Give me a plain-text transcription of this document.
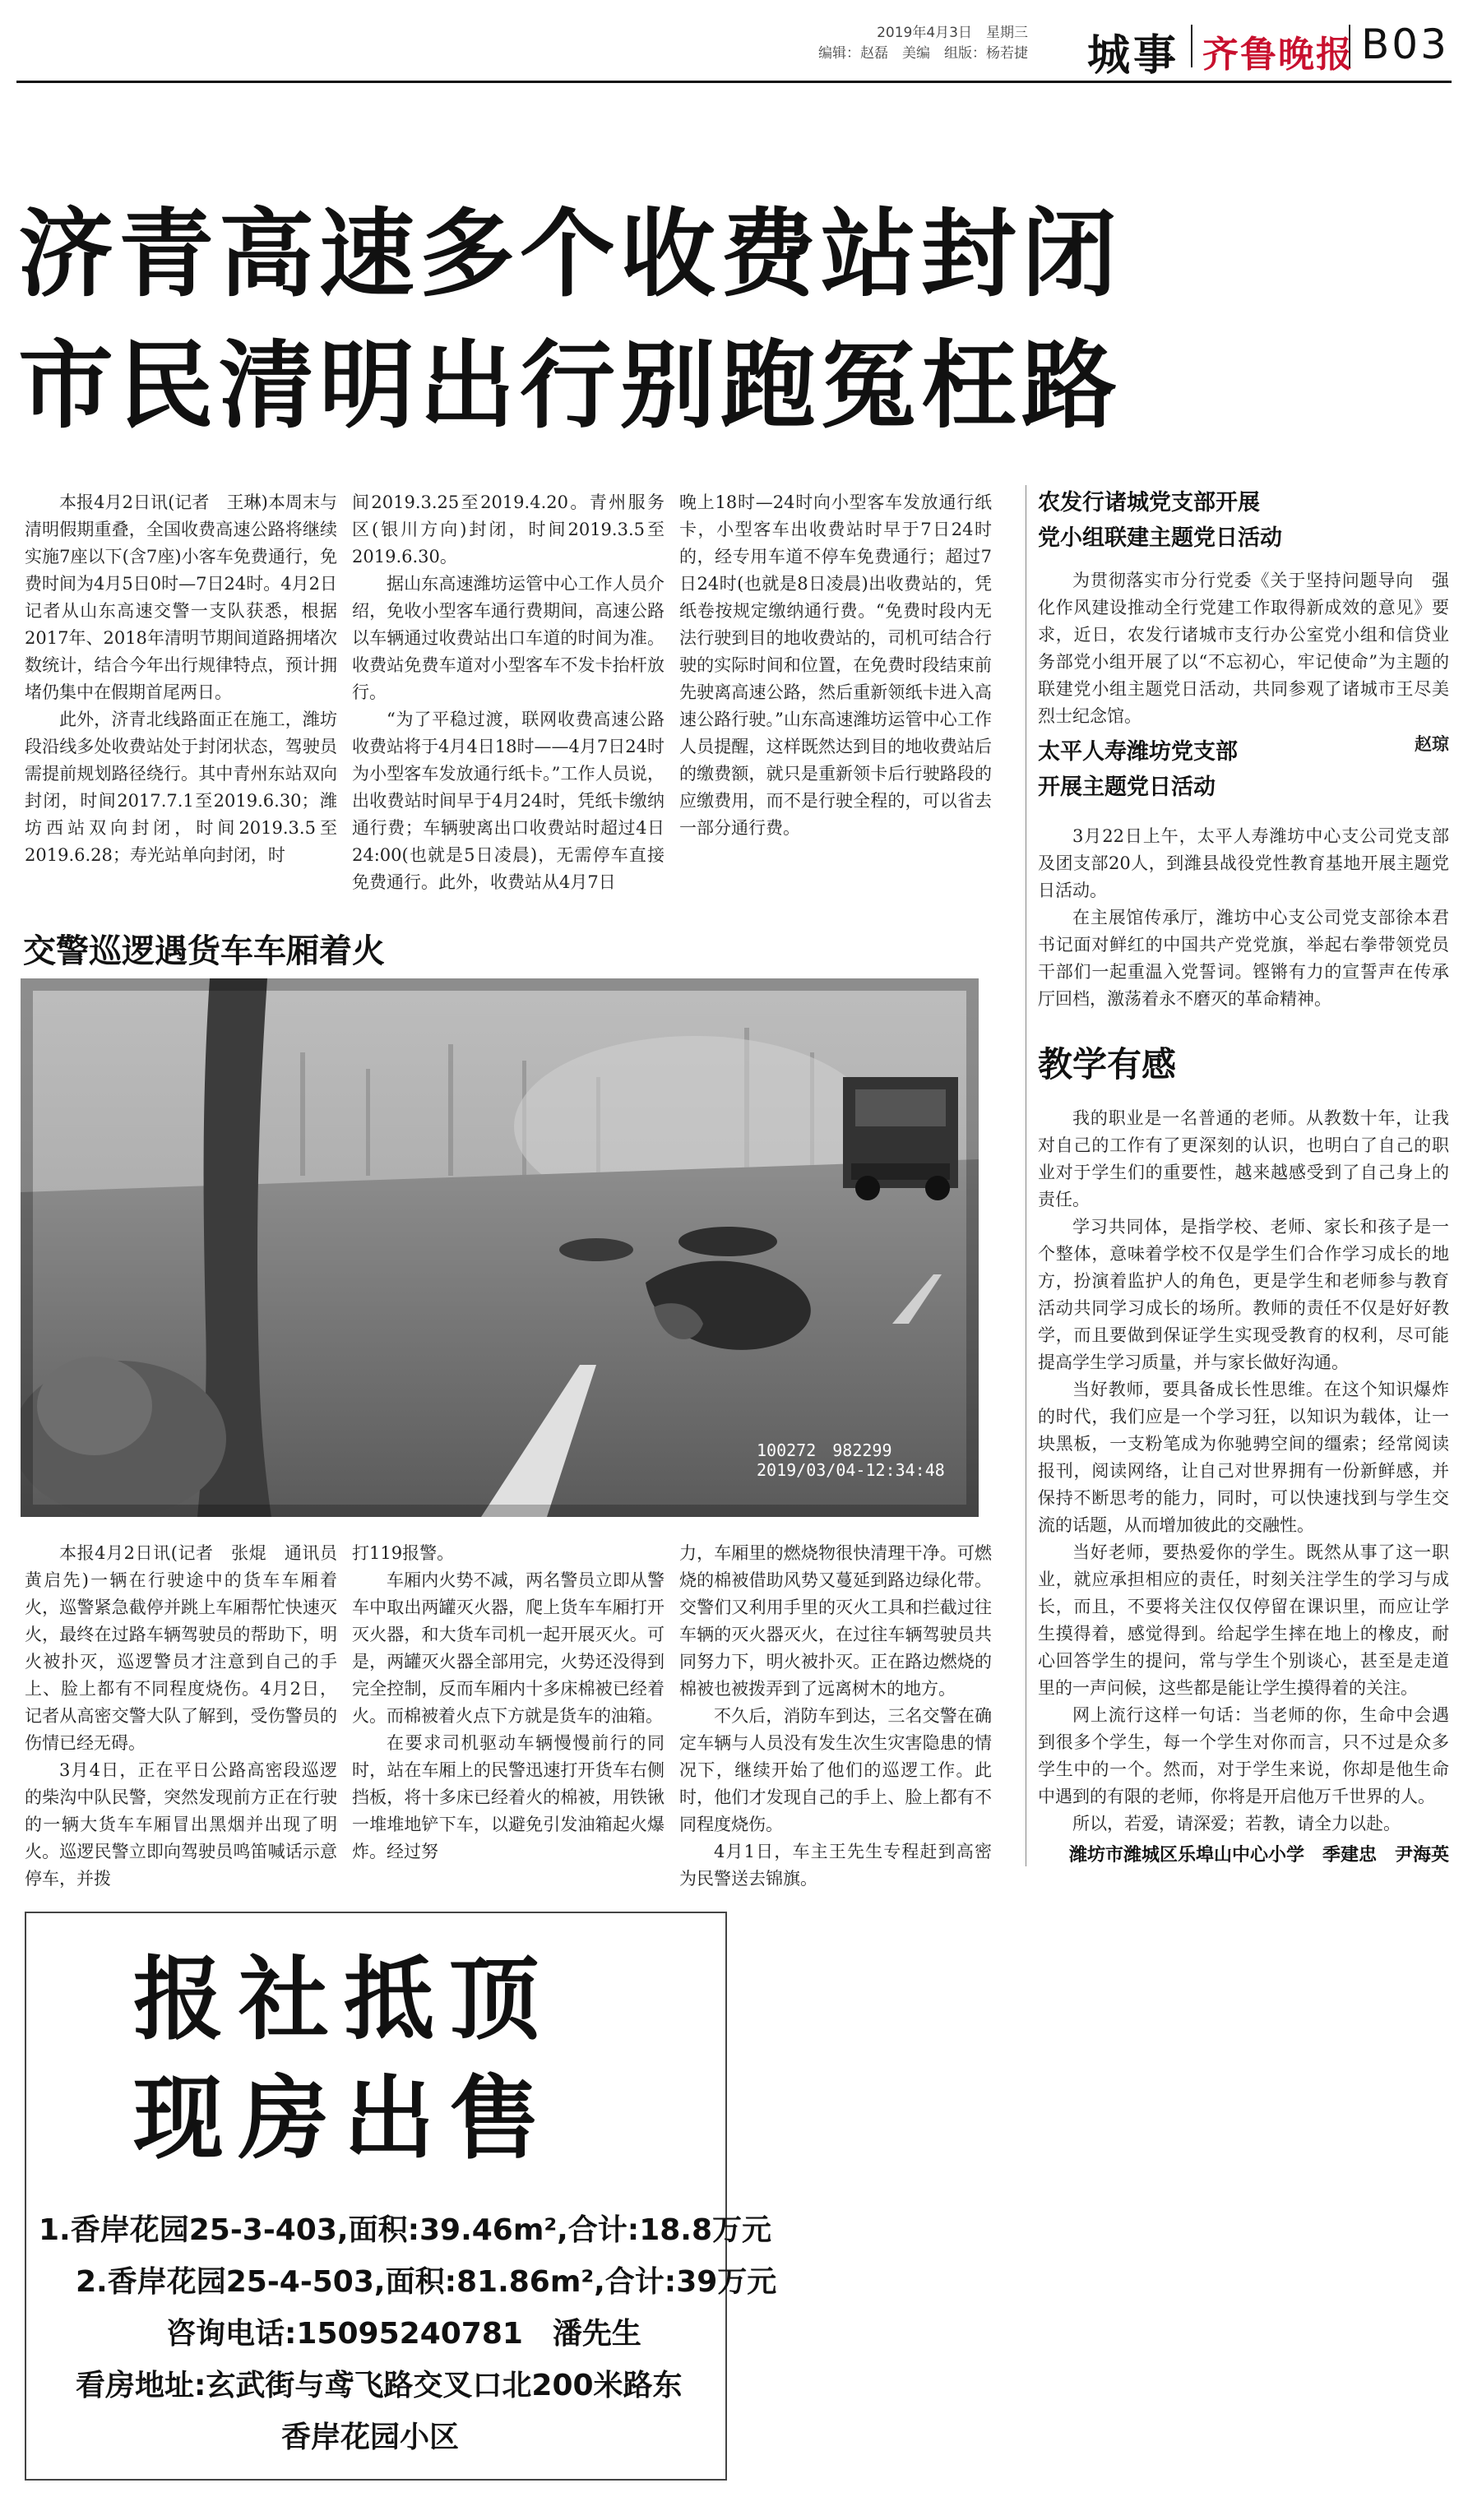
2019年4月3日　星期三
编辑：赵磊　美编　组版：杨若捷 城事 齐鲁晚报 B03
济青高速多个收费站封闭
市民清明出行别跑冤枉路

本报4月2日讯(记者　王琳)本周末与清明假期重叠，全国收费高速公路将继续实施7座以下(含7座)小客车免费通行，免费时间为4月5日0时—7日24时。4月2日记者从山东高速交警一支队获悉，根据2017年、2018年清明节期间道路拥堵次数统计，结合今年出行规律特点，预计拥堵仍集中在假期首尾两日。

此外，济青北线路面正在施工，潍坊段沿线多处收费站处于封闭状态，驾驶员需提前规划路径绕行。其中青州东站双向封闭，时间2017.7.1至2019.6.30；潍坊西站双向封闭，时间2019.3.5至2019.6.28；寿光站单向封闭，时

间2019.3.25至2019.4.20。青州服务区(银川方向)封闭，时间2019.3.5至2019.6.30。

据山东高速潍坊运管中心工作人员介绍，免收小型客车通行费期间，高速公路以车辆通过收费站出口车道的时间为准。收费站免费车道对小型客车不发卡抬杆放行。

“为了平稳过渡，联网收费高速公路收费站将于4月4日18时——4月7日24时为小型客车发放通行纸卡。”工作人员说，出收费站时间早于4月24时，凭纸卡缴纳通行费；车辆驶离出口收费站时超过4日24:00(也就是5日凌晨)，无需停车直接免费通行。此外，收费站从4月7日

晚上18时—24时向小型客车发放通行纸卡，小型客车出收费站时早于7日24时的，经专用车道不停车免费通行；超过7日24时(也就是8日凌晨)出收费站的，凭纸卷按规定缴纳通行费。“免费时段内无法行驶到目的地收费站的，司机可结合行驶的实际时间和位置，在免费时段结束前先驶离高速公路，然后重新领纸卡进入高速公路行驶。”山东高速潍坊运管中心工作人员提醒，这样既然达到目的地收费站后的缴费额，就只是重新领卡后行驶路段的应缴费用，而不是行驶全程的，可以省去一部分通行费。

农发行诸城党支部开展
党小组联建主题党日活动

为贯彻落实市分行党委《关于坚持问题导向　强化作风建设推动全行党建工作取得新成效的意见》要求，近日，农发行诸城市支行办公室党小组和信贷业务部党小组开展了以“不忘初心，牢记使命”为主题的联建党小组主题党日活动，共同参观了诸城市王尽美烈士纪念馆。

赵琼
太平人寿潍坊党支部
开展主题党日活动

3月22日上午，太平人寿潍坊中心支公司党支部及团支部20人，到潍县战役党性教育基地开展主题党日活动。

在主展馆传承厅，潍坊中心支公司党支部徐本君书记面对鲜红的中国共产党党旗，举起右拳带领党员干部们一起重温入党誓词。铿锵有力的宣誓声在传承厅回档，激荡着永不磨灭的革命精神。

教学有感

我的职业是一名普通的老师。从教数十年，让我对自己的工作有了更深刻的认识，也明白了自己的职业对于学生们的重要性，越来越感受到了自己身上的责任。

学习共同体，是指学校、老师、家长和孩子是一个整体，意味着学校不仅是学生们合作学习成长的地方，扮演着监护人的角色，更是学生和老师参与教育活动共同学习成长的场所。教师的责任不仅是好好教学，而且要做到保证学生实现受教育的权利，尽可能提高学生学习质量，并与家长做好沟通。

当好教师，要具备成长性思维。在这个知识爆炸的时代，我们应是一个学习狂，以知识为载体，让一块黑板，一支粉笔成为你驰骋空间的缰索；经常阅读报刊，阅读网络，让自己对世界拥有一份新鲜感，并保持不断思考的能力，同时，可以快速找到与学生交流的话题，从而增加彼此的交融性。

当好老师，要热爱你的学生。既然从事了这一职业，就应承担相应的责任，时刻关注学生的学习与成长，而且，不要将关注仅仅停留在课识里，而应让学生摸得着，感觉得到。给起学生摔在地上的橡皮，耐心回答学生的提问，常与学生个别谈心，甚至是走道里的一声问候，这些都是能让学生摸得着的关注。

网上流行这样一句话：当老师的你，生命中会遇到很多个学生，每一个学生对你而言，只不过是众多学生中的一个。然而，对于学生来说，你却是他生命中遇到的有限的老师，你将是开启他万千世界的人。

所以，若爱，请深爱；若教，请全力以赴。

潍坊市潍城区乐埠山中心小学　季建忠　尹海英
交警巡逻遇货车车厢着火
100272　982299
2019/03/04-12:34:48

本报4月2日讯(记者　张焜　通讯员　黄启先)一辆在行驶途中的货车车厢着火，巡警紧急截停并跳上车厢帮忙快速灭火，最终在过路车辆驾驶员的帮助下，明火被扑灭，巡逻警员才注意到自己的手上、脸上都有不同程度烧伤。4月2日，记者从高密交警大队了解到，受伤警员的伤情已经无碍。

3月4日，正在平日公路高密段巡逻的柴沟中队民警，突然发现前方正在行驶的一辆大货车车厢冒出黑烟并出现了明火。巡逻民警立即向驾驶员鸣笛喊话示意停车，并拨

打119报警。

车厢内火势不减，两名警员立即从警车中取出两罐灭火器，爬上货车车厢打开灭火器，和大货车司机一起开展灭火。可是，两罐灭火器全部用完，火势还没得到完全控制，反而车厢内十多床棉被已经着火。而棉被着火点下方就是货车的油箱。

在要求司机驱动车辆慢慢前行的同时，站在车厢上的民警迅速打开货车右侧挡板，将十多床已经着火的棉被，用铁锹一堆堆地铲下车，以避免引发油箱起火爆炸。经过努

力，车厢里的燃烧物很快清理干净。可燃烧的棉被借助风势又蔓延到路边绿化带。交警们又利用手里的灭火工具和拦截过往车辆的灭火器灭火，在过往车辆驾驶员共同努力下，明火被扑灭。正在路边燃烧的棉被也被拨弄到了远离树木的地方。

不久后，消防车到达，三名交警在确定车辆与人员没有发生次生灾害隐患的情况下，继续开始了他们的巡逻工作。此时，他们才发现自己的手上、脸上都有不同程度烧伤。

4月1日，车主王先生专程赶到高密为民警送去锦旗。

报社抵顶
现房出售
1.香岸花园25-3-403,面积:39.46m²,合计:18.8万元
2.香岸花园25-4-503,面积:81.86m²,合计:39万元
咨询电话:15095240781　潘先生
看房地址:玄武街与鸢飞路交叉口北200米路东
香岸花园小区
